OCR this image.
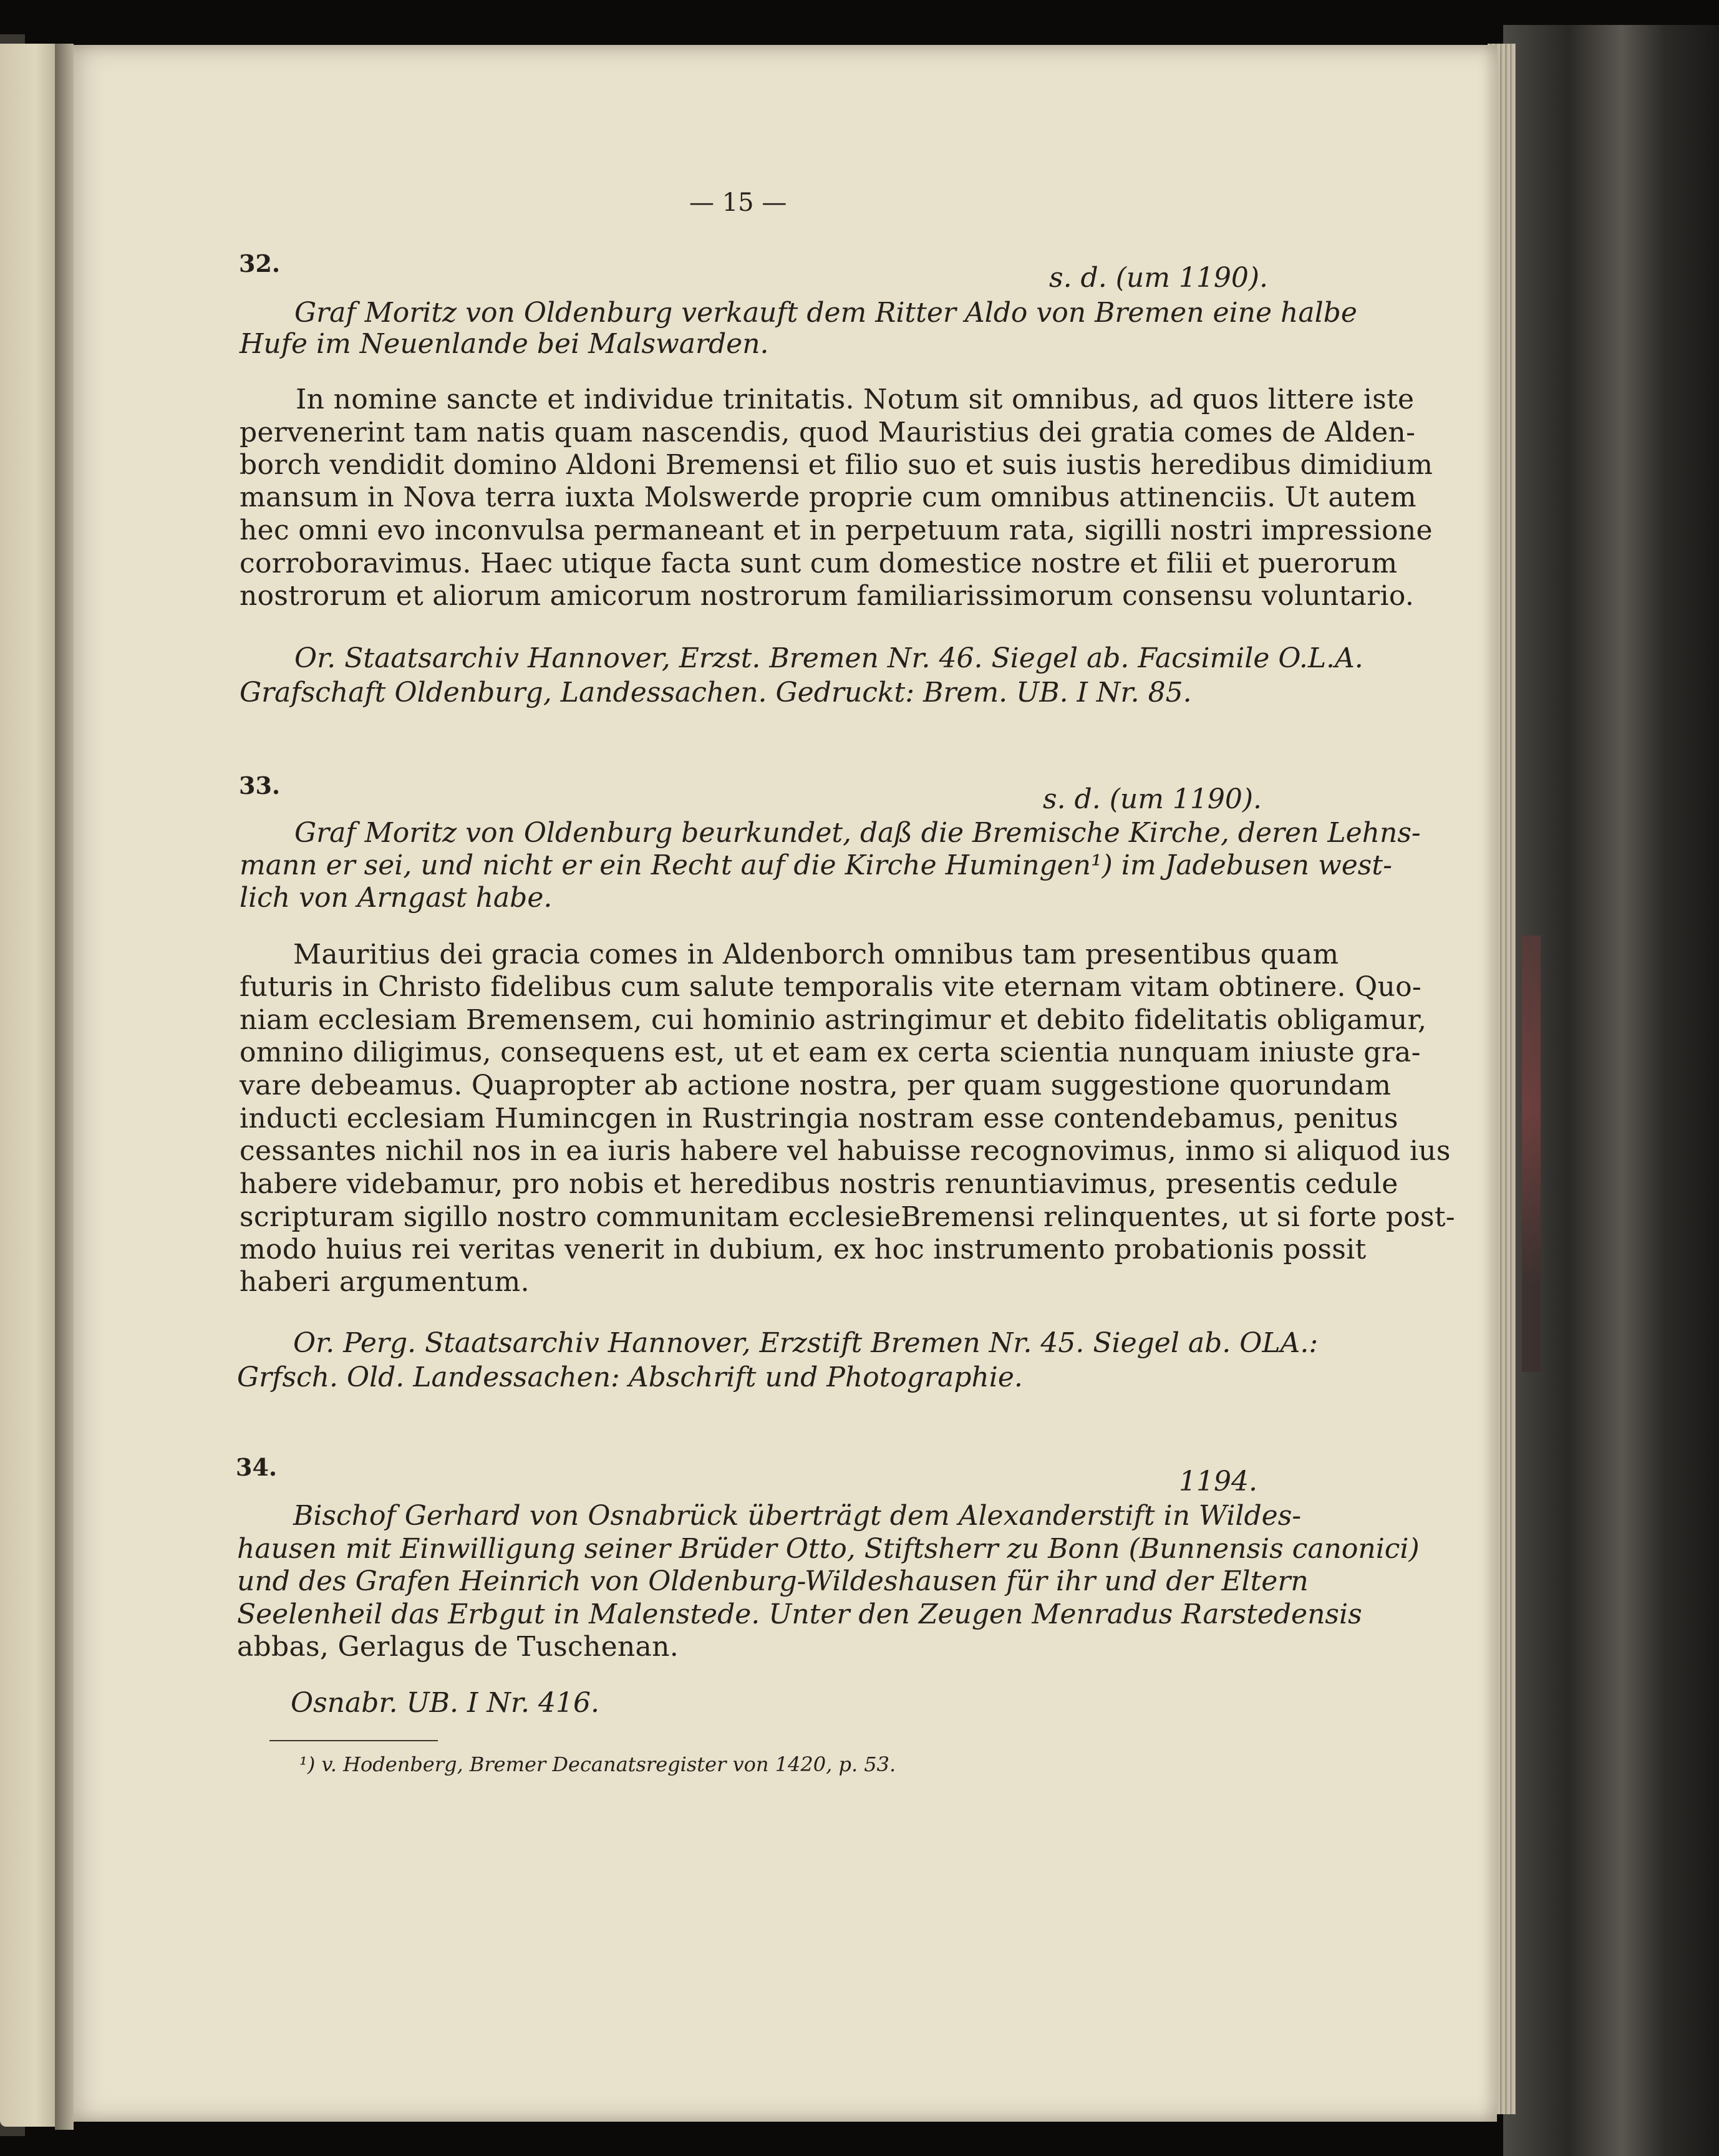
— 15 —
32.	s. d. (um 1190).
Graf Moritz von Oldenburg verkauft dem Ritter Aldo von Bremen eine halbe
Hufe im Neuenlande bei Malswarden.
In nomine sancte et individue trinitatis. Notum sit omnibus, ad quos littere iste
pervenerint tam natis quam nascendis, quod Mauristius dei gratia comes de Alden-
borch vendidit domino Aldoni Bremensi et filio suo et suis iustis heredibus dimidium
mansum in Nova terra iuxta Molswerde proprie cum omnibus attinenciis. Ut autem
hec omni evo inconvulsa permaneant et in perpetuum rata, sigilli nostri impressione
corroboravimus. Haec utique facta sunt cum domestice nostre et filii et puerorum
nostrorum et aliorum amicorum nostrorum familiarissimorum consensu voluntario.
Or. Staatsarchiv Hannover, Erzst. Bremen Nr. 46. Siegel ab. Facsimile O.L.A.
Grafschaft Oldenburg, Landessachen. Gedruckt: Brem. UB. I Nr. 85.
33.	s. d. (um 1190).
Graf Moritz von Oldenburg beurkundet, daß die Bremische Kirche, deren Lehns-
mann er sei, und nicht er ein Recht auf die Kirche Humingen¹) im Jadebusen west-
lich von Arngast habe.
Mauritius dei gracia comes in Aldenborch omnibus tam presentibus quam
futuris in Christo fidelibus cum salute temporalis vite eternam vitam obtinere. Quo-
niam ecclesiam Bremensem, cui hominio astringimur et debito fidelitatis obligamur,
omnino diligimus, consequens est, ut et eam ex certa scientia nunquam iniuste gra-
vare debeamus. Quapropter ab actione nostra, per quam suggestione quorundam
inducti ecclesiam Humincgen in Rustringia nostram esse contendebamus, penitus
cessantes nichil nos in ea iuris habere vel habuisse recognovimus, inmo si aliquod ius
habere videbamur, pro nobis et heredibus nostris renuntiavimus, presentis cedule
scripturam sigillo nostro communitam ecclesieBremensi relinquentes, ut si forte post-
modo huius rei veritas venerit in dubium, ex hoc instrumento probationis possit
haberi argumentum.
Or. Perg. Staatsarchiv Hannover, Erzstift Bremen Nr. 45. Siegel ab. OLA.:
Grfsch. Old. Landessachen: Abschrift und Photographie.
34.	1194.
Bischof Gerhard von Osnabrück überträgt dem Alexanderstift in Wildes-
hausen mit Einwilligung seiner Brüder Otto, Stiftsherr zu Bonn (Bunnensis canonici)
und des Grafen Heinrich von Oldenburg-Wildeshausen für ihr und der Eltern
Seelenheil das Erbgut in Malenstede. Unter den Zeugen Menradus Rarstedensis
abbas, Gerlagus de Tuschenan.
Osnabr. UB. I Nr. 416.
¹) v. Hodenberg, Bremer Decanatsregister von 1420, p. 53.
